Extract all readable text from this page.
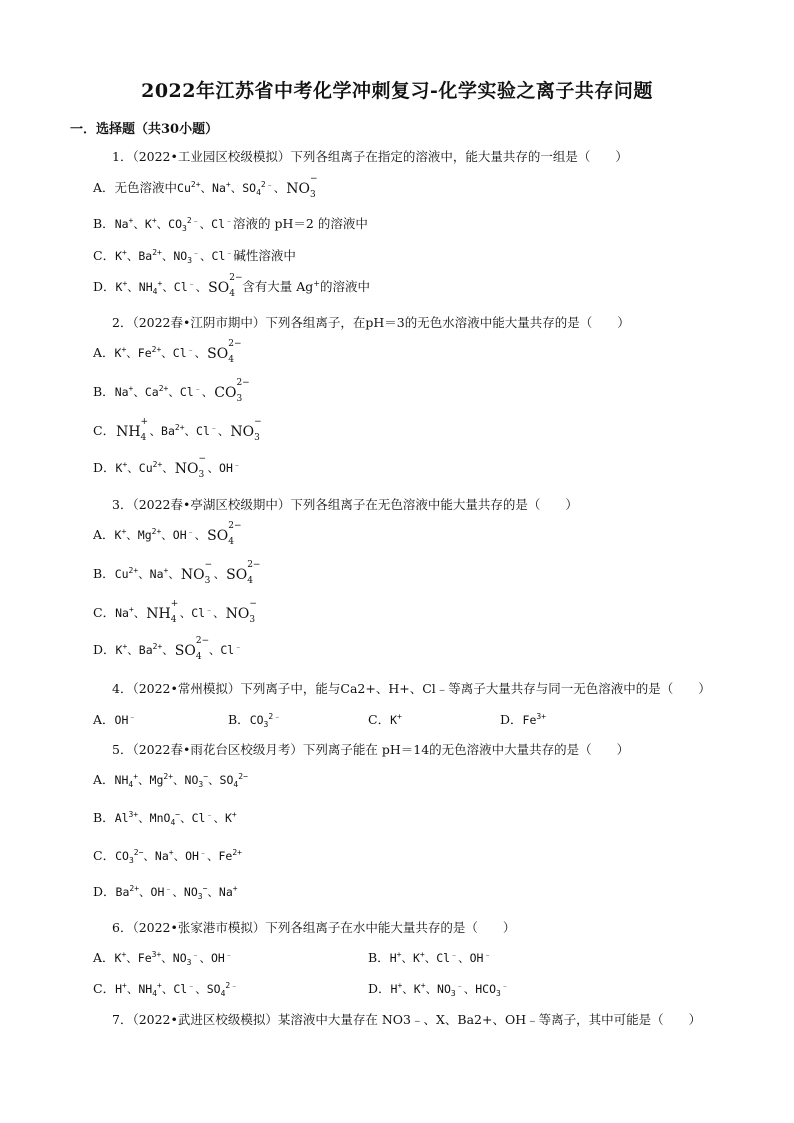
2022年江苏省中考化学冲刺复习-化学实验之离子共存问题
一．选择题（共30小题）
1．（2022•工业园区校级模拟）下列各组离子在指定的溶液中，能大量共存的一组是（　　）
A．无色溶液中$Cu^{2+}$、Na+、$SO_4^{2﹣}$、NO
−
3
B．Na+、K+、$CO_3^{2﹣}$、Cl﹣溶液的 pH＝2 的溶液中
C．K+、$Ba^{2+}$、$NO_3^﹣$、Cl﹣碱性溶液中
D．K+、$NH_4^+$、Cl﹣、SO
2−
4 含有大量 Ag+的溶液中
2．（2022春•江阴市期中）下列各组离子，在pH＝3的无色水溶液中能大量共存的是（　　）
A．K+、$Fe^{2+}$、Cl﹣、SO
2−
4
B．Na+、$Ca^{2+}$、Cl﹣、CO
2−
3
C．NH
+
4 、$Ba^{2+}$、Cl﹣、NO
−
3
D．K+、$Cu^{2+}$、NO
−
3 、OH﹣
3．（2022春•亭湖区校级期中）下列各组离子在无色溶液中能大量共存的是（　　）
A．K+、$Mg^{2+}$、OH﹣、SO
2−
4
B．$Cu^{2+}$、Na+、NO
−
3 、SO
2−
4
C．Na+、NH
+
4 、Cl﹣、NO
−
3
D．K+、$Ba^{2+}$、SO
2−
4 、Cl﹣
4．（2022•常州模拟）下列离子中，能与Ca2+、H+、Cl﹣等离子大量共存与同一无色溶液中的是（　　）
A．OH﹣	B．$CO_3^{2﹣}$	C．K+	D．$Fe^{3+}$
5．（2022春•雨花台区校级月考）下列离子能在 pH＝14的无色溶液中大量共存的是（　　）
A．$NH_4^+$、$Mg^{2+}$、$NO_3^-$、$SO_4^{2-}$
B．$Al^{3+}$、MnO$_4$−、Cl﹣、K+
C．$CO_3^{2-}$、Na+、OH﹣、$Fe^{2+}$
D．$Ba^{2+}$、OH﹣、$NO_3^-$、Na+
6．（2022•张家港市模拟）下列各组离子在水中能大量共存的是（　　）
A．K+、$Fe^{3+}$、$NO_3^﹣$、OH﹣	B．H+、K+、Cl﹣、OH﹣
C．H+、$NH_4^+$、Cl﹣、$SO_4^{2﹣}$	D．H+、K+、$NO_3^﹣$、$HCO_3^﹣$
7．（2022•武进区校级模拟）某溶液中大量存在 NO3﹣、X、Ba2+、OH﹣等离子，其中可能是（　　）
